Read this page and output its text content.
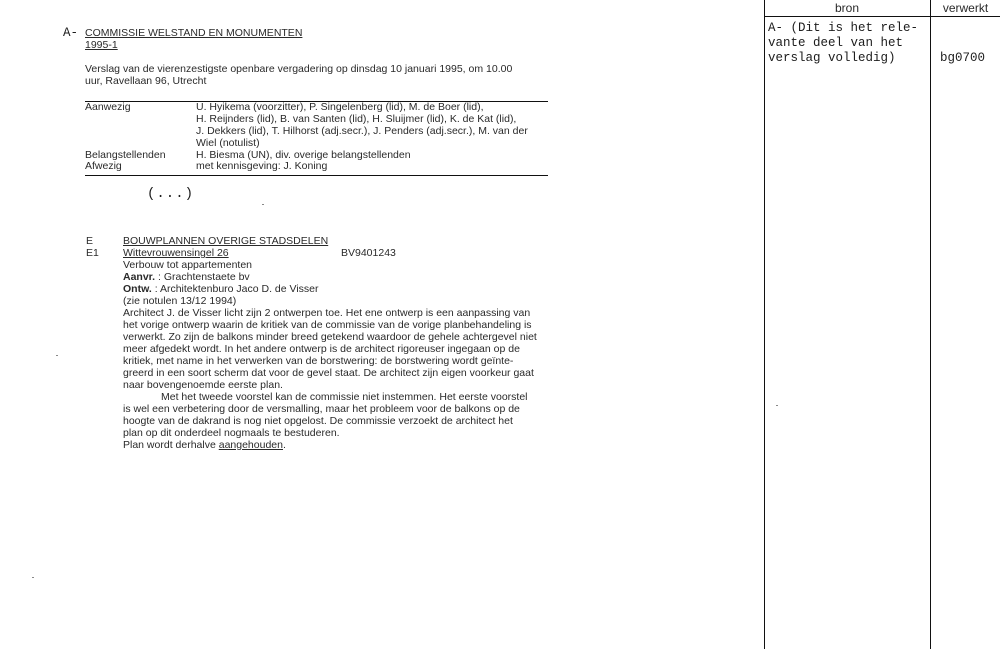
bron	verwerkt
A- (Dit is het rele-
vante deel van het
verslag volledig)	bg0700
A- COMMISSIE WELSTAND EN MONUMENTEN
1995-1
Verslag van de vierenzestigste openbare vergadering op dinsdag 10 januari 1995, om 10.00
uur, Ravellaan 96, Utrecht
Aanwezig	U. Hyikema (voorzitter), P. Singelenberg (lid), M. de Boer (lid),
H. Reijnders (lid), B. van Santen (lid), H. Sluijmer (lid), K. de Kat (lid),
J. Dekkers (lid), T. Hilhorst (adj.secr.), J. Penders (adj.secr.), M. van der
Wiel (notulist)
Belangstellenden	H. Biesma (UN), div. overige belangstellenden
Afwezig	met kennisgeving: J. Koning
(...)
E	BOUWPLANNEN OVERIGE STADSDELEN
E1 Wittevrouwensingel 26	BV9401243
Verbouw tot appartementen
Aanvr. : Grachtenstaete bv
Ontw. : Architektenburo Jaco D. de Visser
(zie notulen 13/12 1994)
Architect J. de Visser licht zijn 2 ontwerpen toe. Het ene ontwerp is een aanpassing van
het vorige ontwerp waarin de kritiek van de commissie van de vorige planbehandeling is
verwerkt. Zo zijn de balkons minder breed getekend waardoor de gehele achtergevel niet
meer afgedekt wordt. In het andere ontwerp is de architect rigoreuser ingegaan op de
kritiek, met name in het verwerken van de borstwering: de borstwering wordt geïnte-
greerd in een soort scherm dat voor de gevel staat. De architect zijn eigen voorkeur gaat
naar bovengenoemde eerste plan.
Met het tweede voorstel kan de commissie niet instemmen. Het eerste voorstel
is wel een verbetering door de versmalling, maar het probleem voor de balkons op de
hoogte van de dakrand is nog niet opgelost. De commissie verzoekt de architect het
plan op dit onderdeel nogmaals te bestuderen.
Plan wordt derhalve aangehouden.
